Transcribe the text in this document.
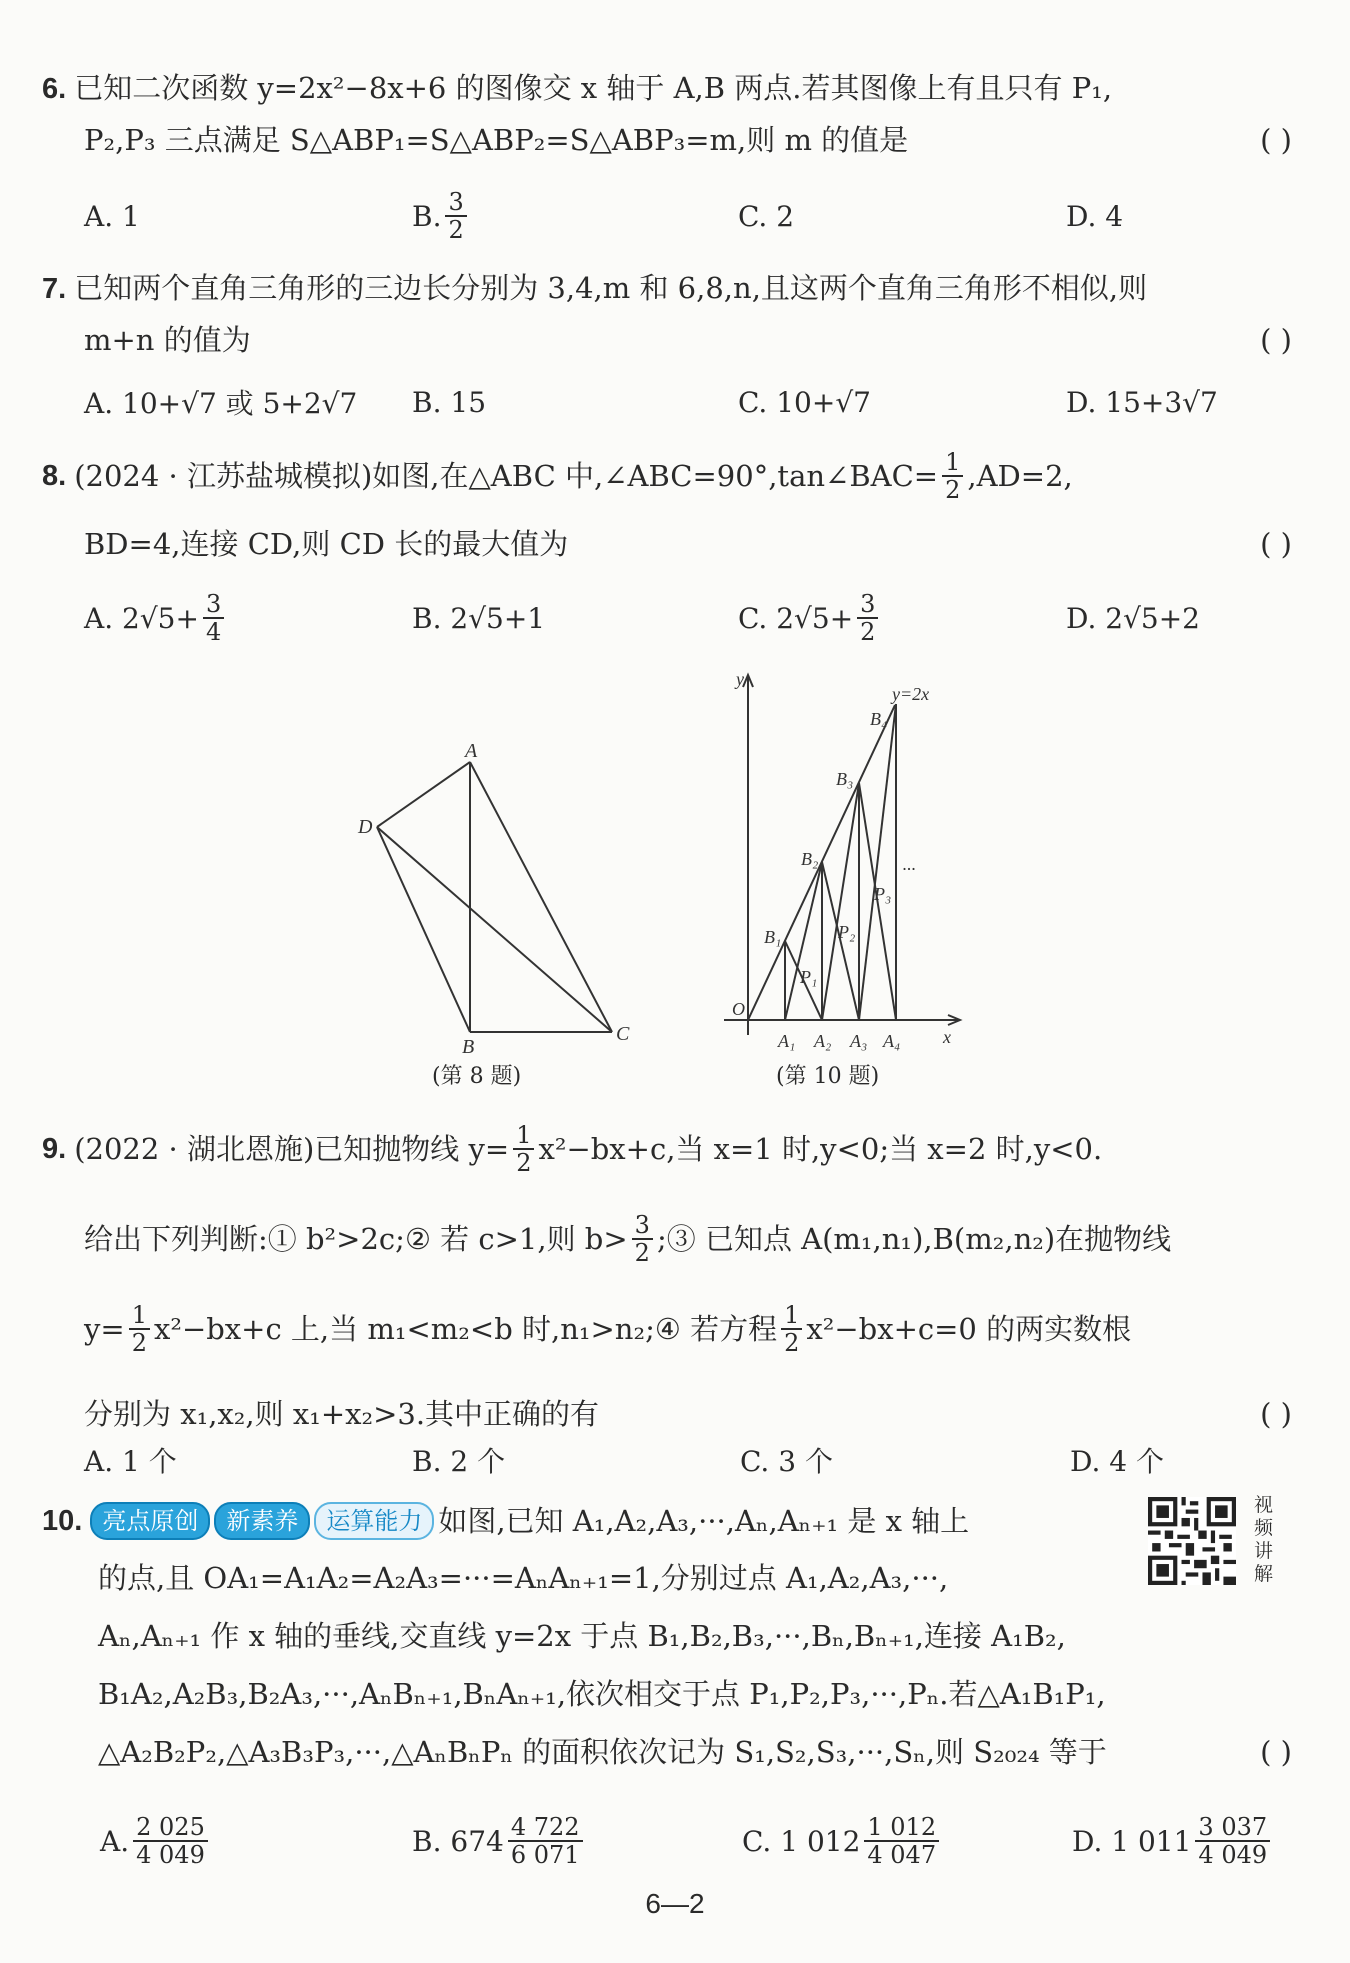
6. 已知二次函数 y=2x²−8x+6 的图像交 x 轴于 A,B 两点.若其图像上有且只有 P₁,
P₂,P₃ 三点满足 S△ABP₁=S△ABP₂=S△ABP₃=m,则 m 的值是	( )
A. 1	B. $\frac{3}{2}$	C. 2	D. 4
7. 已知两个直角三角形的三边长分别为 3,4,m 和 6,8,n,且这两个直角三角形不相似,则
m+n 的值为	( )
A. 10+√7 或 5+2√7 B. 15	C. 10+√7	D. 15+3√7
8. (2024 · 江苏盐城模拟)如图,在△ABC 中,∠ABC=90°,tan∠BAC= $\frac{1}{2} ,AD=2$,
BD=4,连接 CD,则 CD 长的最大值为	( )
A. $2√5+ \frac{3}{4}$	B. 2√5+1	C. $2√5+ \frac{3}{2}$	D. 2√5+2
A
D
B
C
(第 8 题)
y=2x
y
x
O
···
B₁
B₂
B₃
B₄
A₁ A₂ A₃ A₄
P₁
P₂
P₃
(第 10 题)
9. (2022 · 湖北恩施)已知抛物线 $y= \frac{1}{2} x^2-bx+c$,当 x=1 时,y<0;当 x=2 时,y<0.
给出下列判断:① b²>2c;② 若 c>1,则 $b> \frac{3}{2}$ ;③ 已知点 A(m₁,n₁),B(m₂,n₂)在抛物线
$y= \frac{1}{2} x^2-bx+c$ 上,当 m₁<m₂<b 时,n₁>n₂;④ 若方程 $\frac{1}{2} x^2-bx+c=0$ 的两实数根
分别为 x₁,x₂,则 x₁+x₂>3.其中正确的有	( )
A. 1 个	B. 2 个	C. 3 个	D. 4 个
10. 亮点原创	新素养	运算能力 如图,已知 A₁,A₂,A₃,···,Aₙ,Aₙ₊₁ 是 x 轴上
的点,且 OA₁=A₁A₂=A₂A₃=···=AₙAₙ₊₁=1,分别过点 A₁,A₂,A₃,···,
Aₙ,Aₙ₊₁ 作 x 轴的垂线,交直线 y=2x 于点 B₁,B₂,B₃,···,Bₙ,Bₙ₊₁,连接 A₁B₂,
B₁A₂,A₂B₃,B₂A₃,···,AₙBₙ₊₁,BₙAₙ₊₁,依次相交于点 P₁,P₂,P₃,···,Pₙ.若△A₁B₁P₁,
△A₂B₂P₂,△A₃B₃P₃,···,△AₙBₙPₙ 的面积依次记为 S₁,S₂,S₃,···,Sₙ,则 S₂₀₂₄ 等于	( )
视频讲解
A. $\frac{2 025}{4 049}$	B. $674 \frac{4 722}{6 071}$	C. 1 $012 \frac{1 012}{4 047}$	D. 1 $011 \frac{3 037}{4 049}$
6—2
